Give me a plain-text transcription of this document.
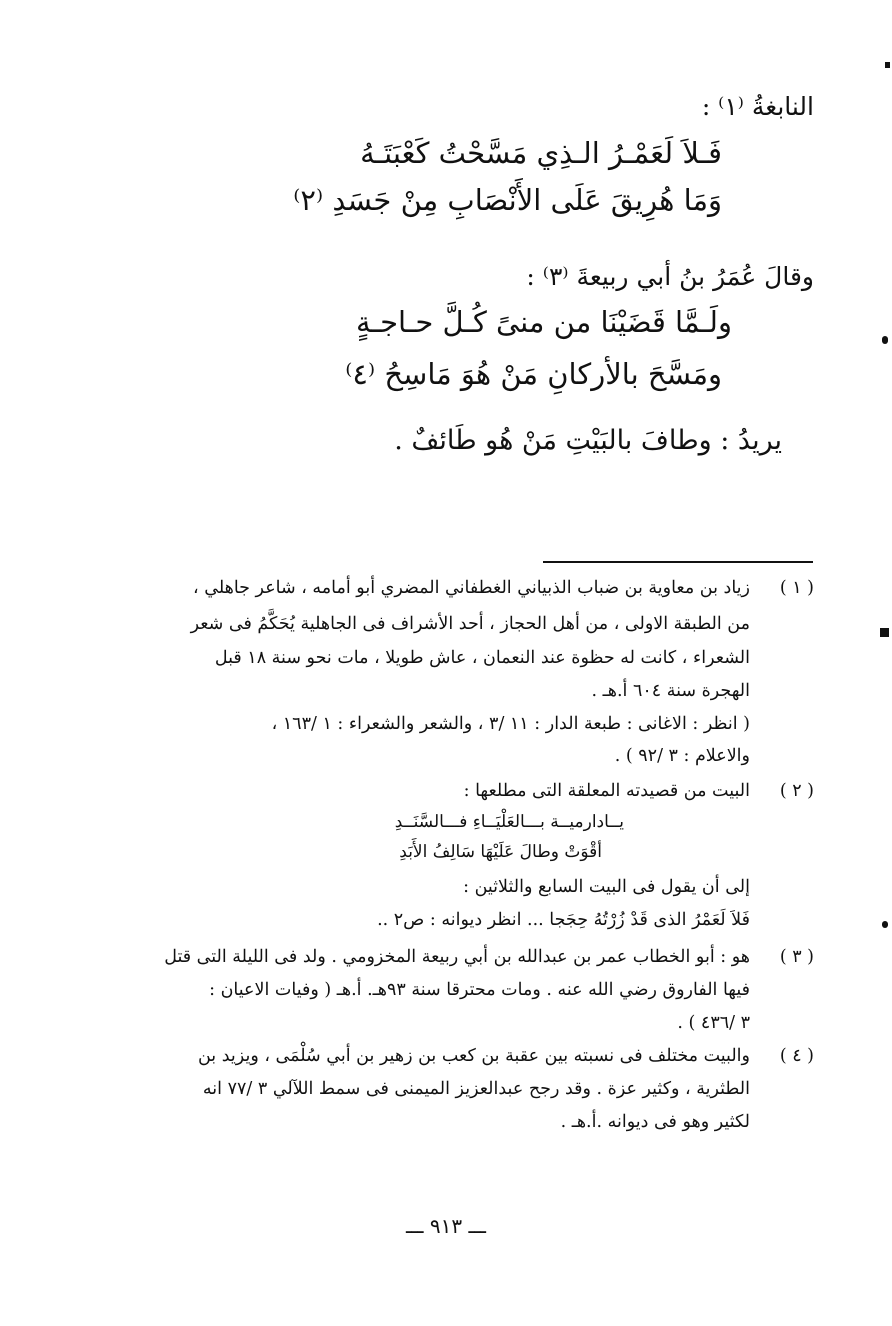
النابغةُ ⁽١⁾ :
فَـلاَ لَعَمْـرُ الـذِي مَسَّحْتُ كَعْبَتَـهُ
وَمَا هُرِيقَ عَلَى الأَنْصَابِ مِنْ جَسَدِ ⁽٢⁾
وقالَ عُمَرُ بنُ أبي ربيعةَ ⁽٣⁾ :
ولَـمَّا قَضَيْنَا من منىً كُـلَّ حـاجـةٍ
ومَسَّحَ بالأركانِ مَنْ هُوَ مَاسِحُ ⁽٤⁾
يريدُ : وطافَ بالبَيْتِ مَنْ هُو طَائفٌ .
( ١ )
زياد بن معاوية بن ضباب الذبياني الغطفاني المضري أبو أمامه ، شاعر جاهلي ،
من الطبقة الاولى ، من أهل الحجاز ، أحد الأشراف فى الجاهلية يُحَكَّمُ فى شعر
الشعراء ، كانت له حظوة عند النعمان ، عاش طويلا ، مات نحو سنة ١٨ قبل
الهجرة سنة ٦٠٤ أ.هـ .
( انظر : الاغانى : طبعة الدار : ١١ /٣ ، والشعر والشعراء : ١ /١٦٣ ،
والاعلام : ٣ /٩٢ ) .
( ٢ )
البيت من قصيدته المعلقة التى مطلعها :
يــادارميــة بـــالعَلْيَــاءِ فـــالسَّنَــدِ
أقْوَتْ وطالَ عَلَيْهَا سَالِفُ الأَبَدِ
إلى أن يقول فى البيت السابع والثلاثين :
فَلاَ لَعَمْرُ الذى قَدْ زُرْتُهُ حِجَجا ... انظر ديوانه : ص٢ ..
( ٣ )
هو : أبو الخطاب عمر بن عبدالله بن أبي ربيعة المخزومي . ولد فى الليلة التى قتل
فيها الفاروق رضي الله عنه . ومات محترقا سنة ٩٣هـ. أ.هـ ( وفيات الاعيان :
٣ /٤٣٦ ) .
( ٤ )
والبيت مختلف فى نسبته بين عقبة بن كعب بن زهير بن أبي سُلْمَى ، ويزيد بن
الطثرية ، وكثير عزة . وقد رجح عبدالعزيز الميمنى فى سمط اللآلي ٣ /٧٧ انه
لكثير وهو فى ديوانه .أ.هـ .
ـــ ٩١٣ ـــ
